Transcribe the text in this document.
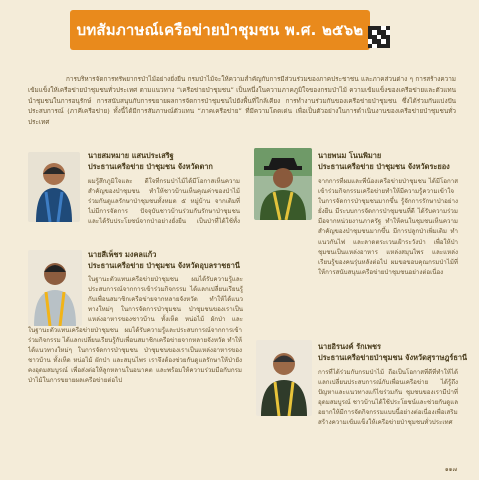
บทสัมภาษณ์เครือข่ายป่าชุมชน พ.ศ. ๒๕๖๒

การบริหารจัดการทรัพยากรป่าไม้อย่างยั่งยืน กรมป่าไม้จะให้ความสำคัญกับการมีส่วนร่วมของภาคประชาชน และภาคส่วนต่าง ๆ การสร้างความเข้มแข็งให้เครือข่ายป่าชุมชนทั่วประเทศ ตามแนวทาง “เครือข่ายป่าชุมชน” เป็นหนึ่งในความภาคภูมิใจของกรมป่าไม้ ความเข้มแข็งของเครือข่ายและตัวแทนนำชุมชนในการอนุรักษ์ การสนับสนุนกับการขยายผลการจัดการป่าชุมชนไปยังพื้นที่ใกล้เคียง การทำงานร่วมกันของเครือข่ายป่าชุมชน ซึ่งได้ร่วมกันแบ่งปันประสบการณ์ (ภาคีเครือข่าย) ทั้งนี้ได้มีการสัมภาษณ์ตัวแทน “ภาคเครือข่าย” ที่มีความโดดเด่น เพื่อเป็นตัวอย่างในการดำเนินงานของเครือข่ายป่าชุมชนทั่วประเทศ

นายสมหมาย แสนประเสริฐ
ประธานเครือข่าย ป่าชุมชน จังหวัดตาก
ผมรู้สึกภูมิใจและ ดีใจที่กรมป่าไม้ได้มีโอกาสเห็นความสำคัญของป่าชุมชน ทำให้ชาวบ้านเห็นคุณค่าของป่าไม้ ร่วมกันดูแลรักษาป่าชุมชนทั้งหมด ๕ หมู่บ้าน จากเดิมที่ไม่มีการจัดการ ปัจจุบันชาวบ้านร่วมกันรักษาป่าชุมชนและได้รับประโยชน์จากป่าอย่างยั่งยืน เป็นป่าที่ได้ใช้ทั้ง
นายพนม โนนพิมาย
ประธานเครือข่าย ป่าชุมชน จังหวัดระยอง
จากการที่ผมและพี่น้องเครือข่ายป่าชุมชน ได้มีโอกาสเข้าร่วมกิจกรรมเครือข่ายทำให้มีความรู้ความเข้าใจในการจัดการป่าชุมชนมากขึ้น รู้จักการรักษาป่าอย่างยั่งยืน มีระบบการจัดการป่าชุมชนที่ดี ได้รับความร่วมมือจากหน่วยงานภาครัฐ ทำให้คนในชุมชนเห็นความสำคัญของป่าชุมชนมากขึ้น มีการปลูกป่าเพิ่มเติม ทำแนวกันไฟ และลาดตระเวนเฝ้าระวังป่า เพื่อให้ป่าชุมชนเป็นแหล่งอาหาร แหล่งสมุนไพร และแหล่งเรียนรู้ของคนรุ่นหลังต่อไป ผมขอขอบคุณกรมป่าไม้ที่ให้การสนับสนุนเครือข่ายป่าชุมชนอย่างต่อเนื่อง
นายสีเพ็ชร มงคลแก้ว
ประธานเครือข่าย ป่าชุมชน จังหวัดอุบลราชธานี
ในฐานะตัวแทนเครือข่ายป่าชุมชน ผมได้รับความรู้และประสบการณ์จากการเข้าร่วมกิจกรรม ได้แลกเปลี่ยนเรียนรู้กับเพื่อนสมาชิกเครือข่ายจากหลายจังหวัด ทำให้ได้แนวทางใหม่ๆ ในการจัดการป่าชุมชน ป่าชุมชนของเราเป็นแหล่งอาหารของชาวบ้าน ทั้งเห็ด หน่อไม้ ผักป่า และ
ในฐานะตัวแทนเครือข่ายป่าชุมชน ผมได้รับความรู้และประสบการณ์จากการเข้าร่วมกิจกรรม ได้แลกเปลี่ยนเรียนรู้กับเพื่อนสมาชิกเครือข่ายจากหลายจังหวัด ทำให้ได้แนวทางใหม่ๆ ในการจัดการป่าชุมชน ป่าชุมชนของเราเป็นแหล่งอาหารของชาวบ้าน ทั้งเห็ด หน่อไม้ ผักป่า และสมุนไพร เราจึงต้องช่วยกันดูแลรักษาให้ป่ายังคงอุดมสมบูรณ์ เพื่อส่งต่อให้ลูกหลานในอนาคต และพร้อมให้ความร่วมมือกับกรมป่าไม้ในการขยายผลเครือข่ายต่อไป
นายอิรนงค์ รักเพชร
ประธานเครือข่ายป่าชุมชน จังหวัดสุราษฎร์ธานี
การที่ได้ร่วมกับกรมป่าไม้ ถือเป็นโอกาสที่ดีที่ทำให้ได้แลกเปลี่ยนประสบการณ์กับเพื่อนเครือข่าย ได้รู้ถึงปัญหาและแนวทางแก้ไขร่วมกัน ชุมชนของเรามีป่าที่อุดมสมบูรณ์ ชาวบ้านได้ใช้ประโยชน์และช่วยกันดูแล อยากให้มีการจัดกิจกรรมแบบนี้อย่างต่อเนื่องเพื่อเสริมสร้างความเข้มแข็งให้เครือข่ายป่าชุมชนทั่วประเทศ
๑๑๗
